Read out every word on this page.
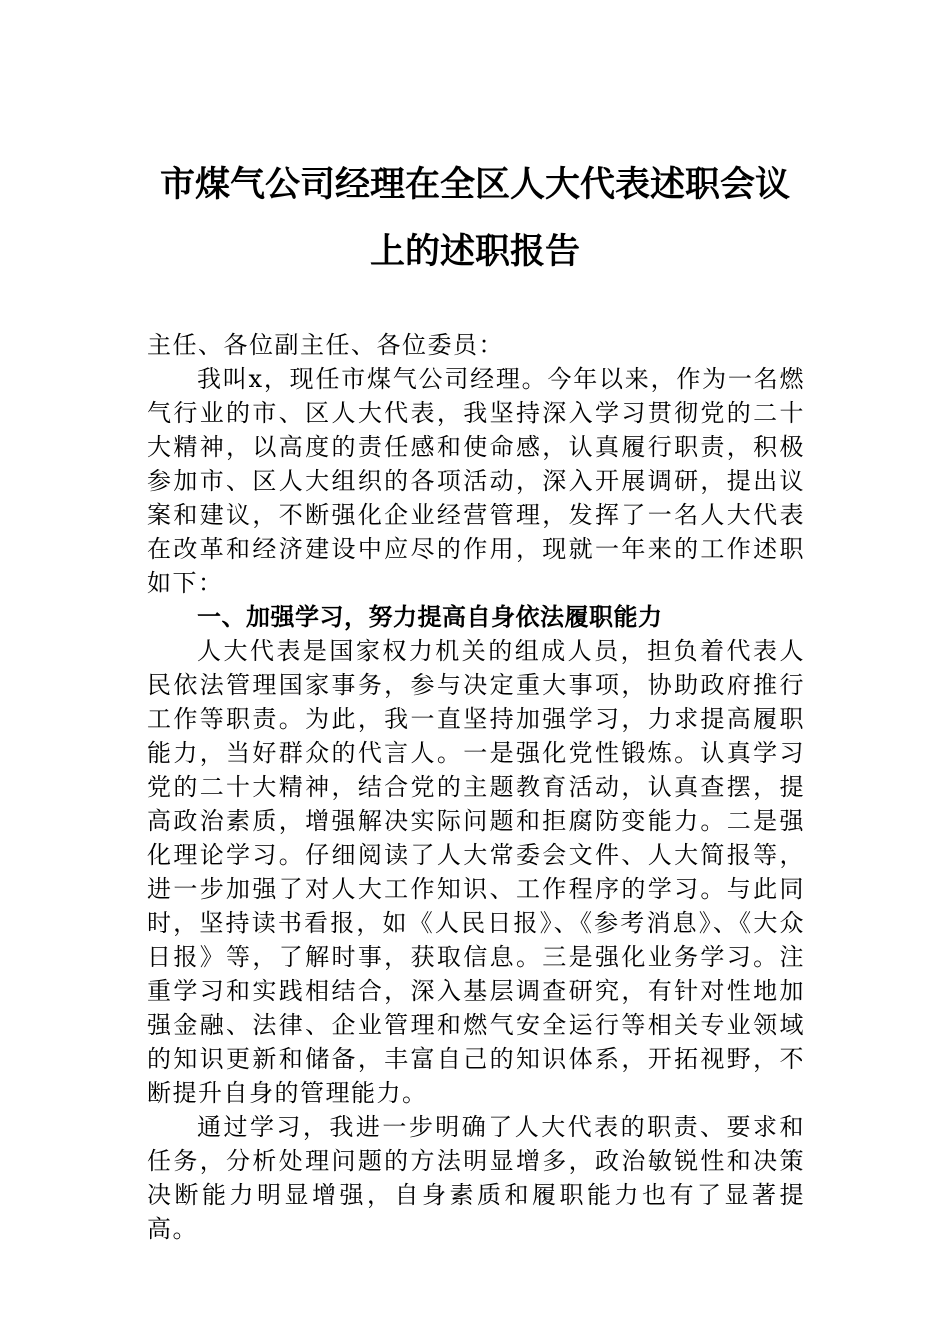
市煤气公司经理在全区人大代表述职会议
上的述职报告

主任、各位副主任、各位委员：

我叫x，现任市煤气公司经理。今年以来，作为一名燃气行业的市、区人大代表，我坚持深入学习贯彻党的二十大精神，以高度的责任感和使命感，认真履行职责，积极参加市、区人大组织的各项活动，深入开展调研，提出议案和建议，不断强化企业经营管理，发挥了一名人大代表在改革和经济建设中应尽的作用，现就一年来的工作述职如下：

一、加强学习，努力提高自身依法履职能力

人大代表是国家权力机关的组成人员，担负着代表人民依法管理国家事务，参与决定重大事项，协助政府推行工作等职责。为此，我一直坚持加强学习，力求提高履职能力，当好群众的代言人。一是强化党性锻炼。认真学习党的二十大精神，结合党的主题教育活动，认真查摆，提高政治素质，增强解决实际问题和拒腐防变能力。二是强化理论学习。仔细阅读了人大常委会文件、人大简报等，进一步加强了对人大工作知识、工作程序的学习。与此同时，坚持读书看报，如《人民日报》、《参考消息》、《大众日报》等，了解时事，获取信息。三是强化业务学习。注重学习和实践相结合，深入基层调查研究，有针对性地加强金融、法律、企业管理和燃气安全运行等相关专业领域的知识更新和储备，丰富自己的知识体系，开拓视野，不断提升自身的管理能力。

通过学习，我进一步明确了人大代表的职责、要求和任务，分析处理问题的方法明显增多，政治敏锐性和决策决断能力明显增强，自身素质和履职能力也有了显著提高。
